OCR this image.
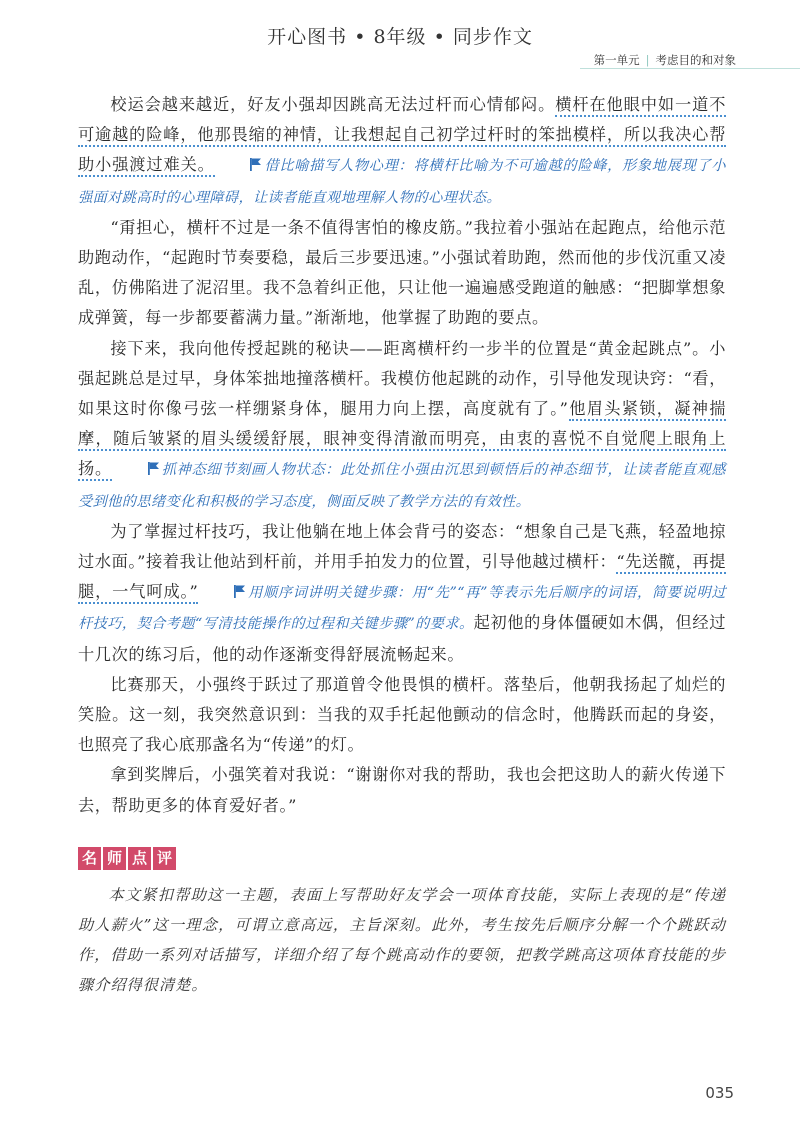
开心图书 • 8年级 • 同步作文
第一单元 | 考虑目的和对象

校运会越来越近，好友小强却因跳高无法过杆而心情郁闷。横杆在他眼中如一道不可逾越的险峰，他那畏缩的神情，让我想起自己初学过杆时的笨拙模样，所以我决心帮助小强渡过难关。	借比喻描写人物心理：将横杆比喻为不可逾越的险峰，形象地展现了小强面对跳高时的心理障碍，让读者能直观地理解人物的心理状态。

“甭担心，横杆不过是一条不值得害怕的橡皮筋。”我拉着小强站在起跑点，给他示范助跑动作，“起跑时节奏要稳，最后三步要迅速。”小强试着助跑，然而他的步伐沉重又凌乱，仿佛陷进了泥沼里。我不急着纠正他，只让他一遍遍感受跑道的触感：“把脚掌想象成弹簧，每一步都要蓄满力量。”渐渐地，他掌握了助跑的要点。

接下来，我向他传授起跳的秘诀——距离横杆约一步半的位置是“黄金起跳点”。小强起跳总是过早，身体笨拙地撞落横杆。我模仿他起跳的动作，引导他发现诀窍：“看，如果这时你像弓弦一样绷紧身体，腿用力向上摆，高度就有了。”他眉头紧锁，凝神揣摩，随后皱紧的眉头缓缓舒展，眼神变得清澈而明亮，由衷的喜悦不自觉爬上眼角上扬。	抓神态细节刻画人物状态：此处抓住小强由沉思到顿悟后的神态细节，让读者能直观感受到他的思绪变化和积极的学习态度，侧面反映了教学方法的有效性。

为了掌握过杆技巧，我让他躺在地上体会背弓的姿态：“想象自己是飞燕，轻盈地掠过水面。”接着我让他站到杆前，并用手拍发力的位置，引导他越过横杆：“先送髋，再提腿，一气呵成。”	用顺序词讲明关键步骤：用“先”“再”等表示先后顺序的词语，简要说明过杆技巧，契合考题“写清技能操作的过程和关键步骤”的要求。起初他的身体僵硬如木偶，但经过十几次的练习后，他的动作逐渐变得舒展流畅起来。

比赛那天，小强终于跃过了那道曾令他畏惧的横杆。落垫后，他朝我扬起了灿烂的笑脸。这一刻，我突然意识到：当我的双手托起他颤动的信念时，他腾跃而起的身姿，也照亮了我心底那盏名为“传递”的灯。

拿到奖牌后，小强笑着对我说：“谢谢你对我的帮助，我也会把这助人的薪火传递下去，帮助更多的体育爱好者。”

名 师 点 评

本文紧扣帮助这一主题，表面上写帮助好友学会一项体育技能，实际上表现的是“传递助人薪火”这一理念，可谓立意高远，主旨深刻。此外，考生按先后顺序分解一个个跳跃动作，借助一系列对话描写，详细介绍了每个跳高动作的要领，把教学跳高这项体育技能的步骤介绍得很清楚。

035
